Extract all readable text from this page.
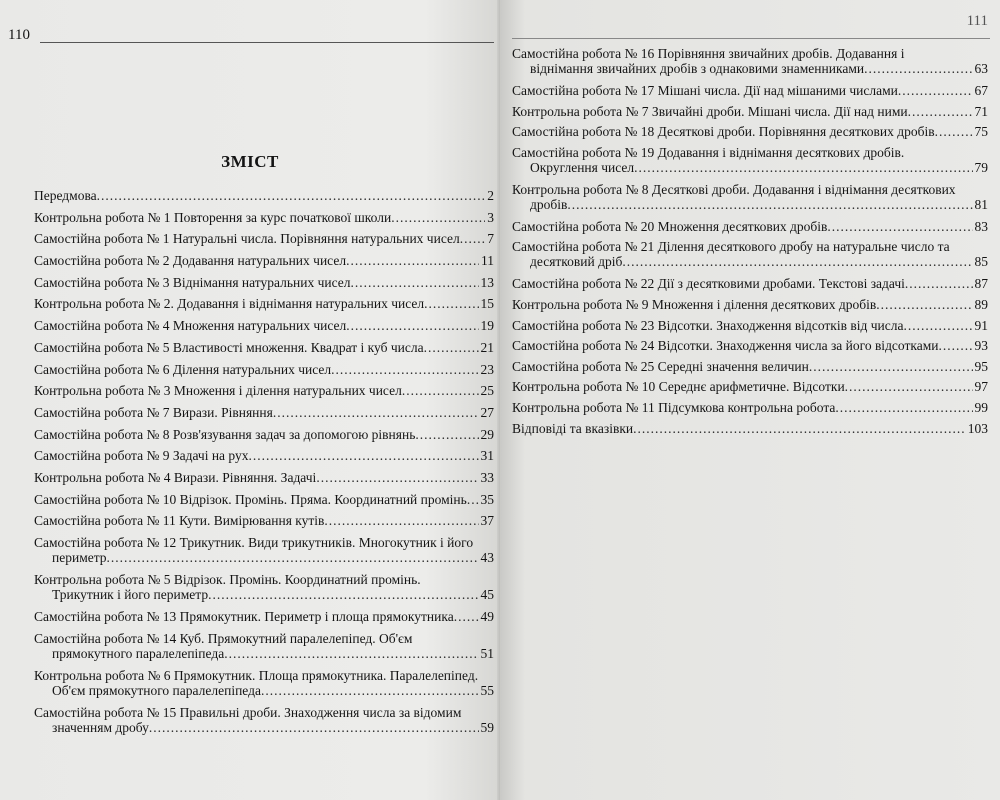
110
ЗМІСТ
Передмова .....	2
Контрольна робота № 1 Повторення за курс початкової школи .....	3
Самостійна робота № 1 Натуральні числа. Порівняння натуральних чисел ..... 7
Самостійна робота № 2 Додавання натуральних чисел .....	11
Самостійна робота № 3 Віднімання натуральних чисел .....	13
Контрольна робота № 2. Додавання і віднімання натуральних чисел .....	15
Самостійна робота № 4 Множення натуральних чисел .....	19
Самостійна робота № 5 Властивості множення. Квадрат і куб числа .....	21
Самостійна робота № 6 Ділення натуральних чисел .....	23
Контрольна робота № 3 Множення і ділення натуральних чисел .....	25
Самостійна робота № 7 Вирази. Рівняння .....	27
Самостійна робота № 8 Розв'язування задач за допомогою рівнянь .....	29
Самостійна робота № 9 Задачі на рух .....	31
Контрольна робота № 4 Вирази. Рівняння. Задачі .....	33
Самостійна робота № 10 Відрізок. Промінь. Пряма. Координатний промінь ..... 35
Самостійна робота № 11 Кути. Вимірювання кутів .....	37
Самостійна робота № 12 Трикутник. Види трикутників. Многокутник і його
периметр .....	43
Контрольна робота № 5 Відрізок. Промінь. Координатний промінь.
Трикутник і його периметр .....	45
Самостійна робота № 13 Прямокутник. Периметр і площа прямокутника ..... 49
Самостійна робота № 14 Куб. Прямокутний паралелепіпед. Об'єм
прямокутного паралелепіпеда .....	51
Контрольна робота № 6 Прямокутник. Площа прямокутника. Паралелепіпед.
Об'єм прямокутного паралелепіпеда .....	55
Самостійна робота № 15 Правильні дроби. Знаходження числа за відомим
значенням дробу .....	59
111
Самостійна робота № 16 Порівняння звичайних дробів. Додавання і
віднімання звичайних дробів з однаковими знаменниками .....	63
Самостійна робота № 17 Мішані числа. Дії над мішаними числами .....	67
Контрольна робота № 7 Звичайні дроби. Мішані числа. Дії над ними .....	71
Самостійна робота № 18 Десяткові дроби. Порівняння десяткових дробів .....	75
Самостійна робота № 19 Додавання і віднімання десяткових дробів.
Округлення чисел .....	79
Контрольна робота № 8 Десяткові дроби. Додавання і віднімання десяткових
дробів .....	81
Самостійна робота № 20 Множення десяткових дробів .....	83
Самостійна робота № 21 Ділення десяткового дробу на натуральне число та
десятковий дріб .....	85
Самостійна робота № 22 Дії з десятковими дробами. Текстові задачі .....	87
Контрольна робота № 9 Множення і ділення десяткових дробів .....	89
Самостійна робота № 23 Відсотки. Знаходження відсотків від числа .....	91
Самостійна робота № 24 Відсотки. Знаходження числа за його відсотками .....	93
Самостійна робота № 25 Середні значення величин .....	95
Контрольна робота № 10 Середнє арифметичне. Відсотки .....	97
Контрольна робота № 11 Підсумкова контрольна робота .....	99
Відповіді та вказівки .....	103
